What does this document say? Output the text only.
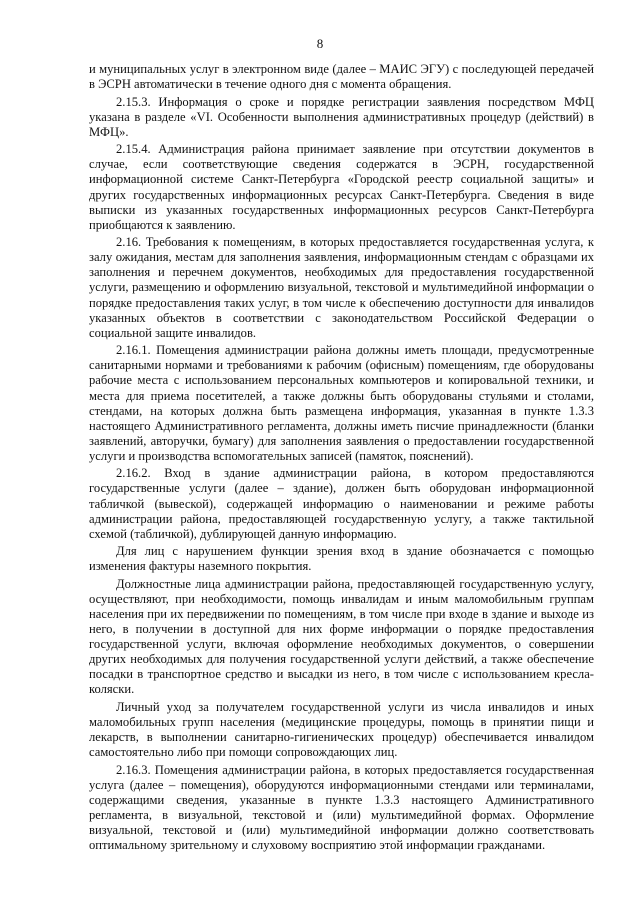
8

и муниципальных услуг в электронном виде (далее – МАИС ЭГУ) с последующей передачей в ЭСРН автоматически в течение одного дня с момента обращения.

2.15.3. Информация о сроке и порядке регистрации заявления посредством МФЦ указана в разделе «VI. Особенности выполнения административных процедур (действий) в МФЦ».

2.15.4. Администрация района принимает заявление при отсутствии документов в случае, если соответствующие сведения содержатся в ЭСРН, государственной информационной системе Санкт-Петербурга «Городской реестр социальной защиты» и других государственных информационных ресурсах Санкт-Петербурга. Сведения в виде выписки из указанных государственных информационных ресурсов Санкт-Петербурга приобщаются к заявлению.

2.16. Требования к помещениям, в которых предоставляется государственная услуга, к залу ожидания, местам для заполнения заявления, информационным стендам с образцами их заполнения и перечнем документов, необходимых для предоставления государственной услуги, размещению и оформлению визуальной, текстовой и мультимедийной информации о порядке предоставления таких услуг, в том числе к обеспечению доступности для инвалидов указанных объектов в соответствии с законодательством Российской Федерации о социальной защите инвалидов.

2.16.1. Помещения администрации района должны иметь площади, предусмотренные санитарными нормами и требованиями к рабочим (офисным) помещениям, где оборудованы рабочие места с использованием персональных компьютеров и копировальной техники, и места для приема посетителей, а также должны быть оборудованы стульями и столами, стендами, на которых должна быть размещена информация, указанная в пункте 1.3.3 настоящего Административного регламента, должны иметь писчие принадлежности (бланки заявлений, авторучки, бумагу) для заполнения заявления о предоставлении государственной услуги и производства вспомогательных записей (памяток, пояснений).

2.16.2. Вход в здание администрации района, в котором предоставляются государственные услуги (далее – здание), должен быть оборудован информационной табличкой (вывеской), содержащей информацию о наименовании и режиме работы администрации района, предоставляющей государственную услугу, а также тактильной схемой (табличкой), дублирующей данную информацию.

Для лиц с нарушением функции зрения вход в здание обозначается с помощью изменения фактуры наземного покрытия.

Должностные лица администрации района, предоставляющей государственную услугу, осуществляют, при необходимости, помощь инвалидам и иным маломобильным группам населения при их передвижении по помещениям, в том числе при входе в здание и выходе из него, в получении в доступной для них форме информации о порядке предоставления государственной услуги, включая оформление необходимых документов, о совершении других необходимых для получения государственной услуги действий, а также обеспечение посадки в транспортное средство и высадки из него, в том числе с использованием кресла-коляски.

Личный уход за получателем государственной услуги из числа инвалидов и иных маломобильных групп населения (медицинские процедуры, помощь в принятии пищи и лекарств, в выполнении санитарно-гигиенических процедур) обеспечивается инвалидом самостоятельно либо при помощи сопровождающих лиц.

2.16.3. Помещения администрации района, в которых предоставляется государственная услуга (далее – помещения), оборудуются информационными стендами или терминалами, содержащими сведения, указанные в пункте 1.3.3 настоящего Административного регламента, в визуальной, текстовой и (или) мультимедийной формах. Оформление визуальной, текстовой и (или) мультимедийной информации должно соответствовать оптимальному зрительному и слуховому восприятию этой информации гражданами.
